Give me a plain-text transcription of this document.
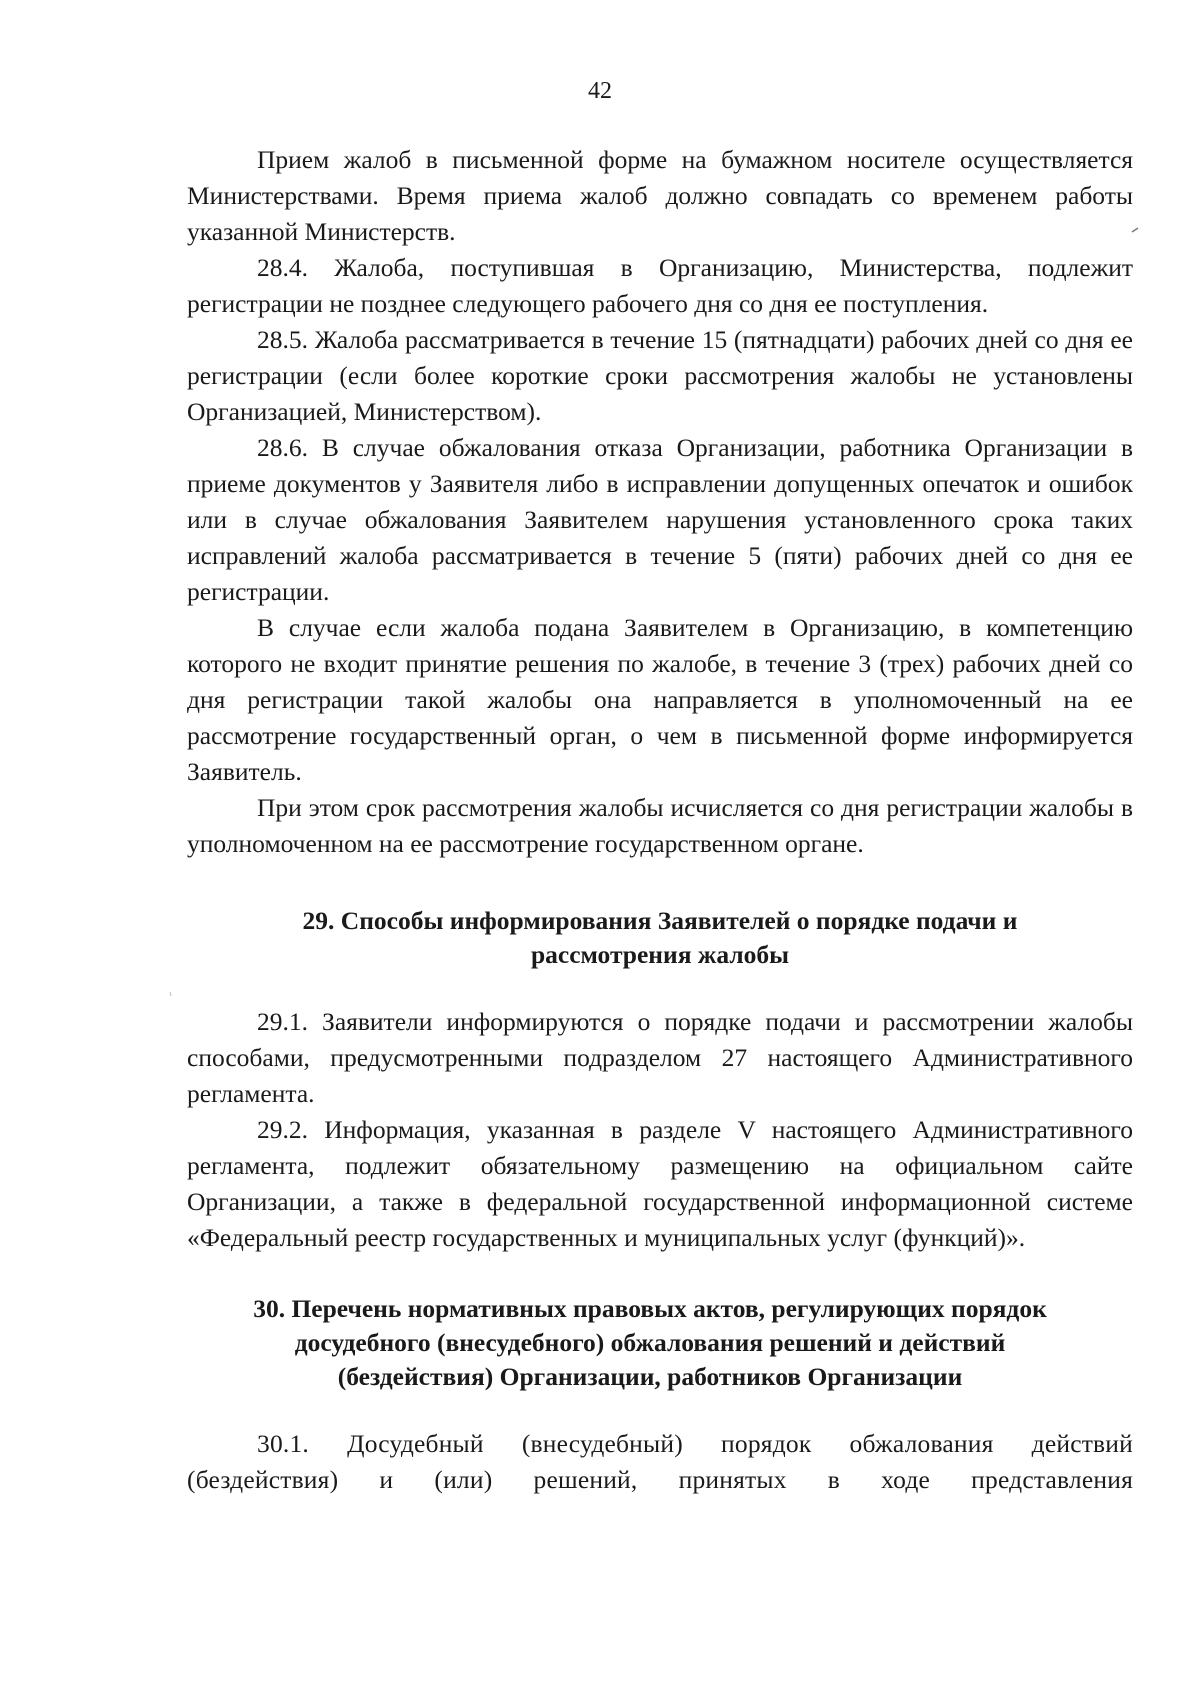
42

Прием жалоб в письменной форме на бумажном носителе осуществляется Министерствами. Время приема жалоб должно совпадать со временем работы указанной Министерств.

28.4. Жалоба, поступившая в Организацию, Министерства, подлежит регистрации не позднее следующего рабочего дня со дня ее поступления.

28.5. Жалоба рассматривается в течение 15 (пятнадцати) рабочих дней со дня ее регистрации (если более короткие сроки рассмотрения жалобы не установлены Организацией, Министерством).

28.6. В случае обжалования отказа Организации, работника Организации в приеме документов у Заявителя либо в исправлении допущенных опечаток и ошибок или в случае обжалования Заявителем нарушения установленного срока таких исправлений жалоба рассматривается в течение 5 (пяти) рабочих дней со дня ее регистрации.

В случае если жалоба подана Заявителем в Организацию, в компетенцию которого не входит принятие решения по жалобе, в течение 3 (трех) рабочих дней со дня регистрации такой жалобы она направляется в уполномоченный на ее рассмотрение государственный орган, о чем в письменной форме информируется Заявитель.

При этом срок рассмотрения жалобы исчисляется со дня регистрации жалобы в уполномоченном на ее рассмотрение государственном органе.

29. Способы информирования Заявителей о порядке подачи и рассмотрения жалобы

29.1. Заявители информируются о порядке подачи и рассмотрении жалобы способами, предусмотренными подразделом 27 настоящего Административного регламента.

29.2. Информация, указанная в разделе V настоящего Административного регламента, подлежит обязательному размещению на официальном сайте Организации, а также в федеральной государственной информационной системе «Федеральный реестр государственных и муниципальных услуг (функций)».

30. Перечень нормативных правовых актов, регулирующих порядок досудебного (внесудебного) обжалования решений и действий (бездействия) Организации, работников Организации

30.1. Досудебный (внесудебный) порядок обжалования действий (бездействия) и (или) решений, принятых в ходе представления
